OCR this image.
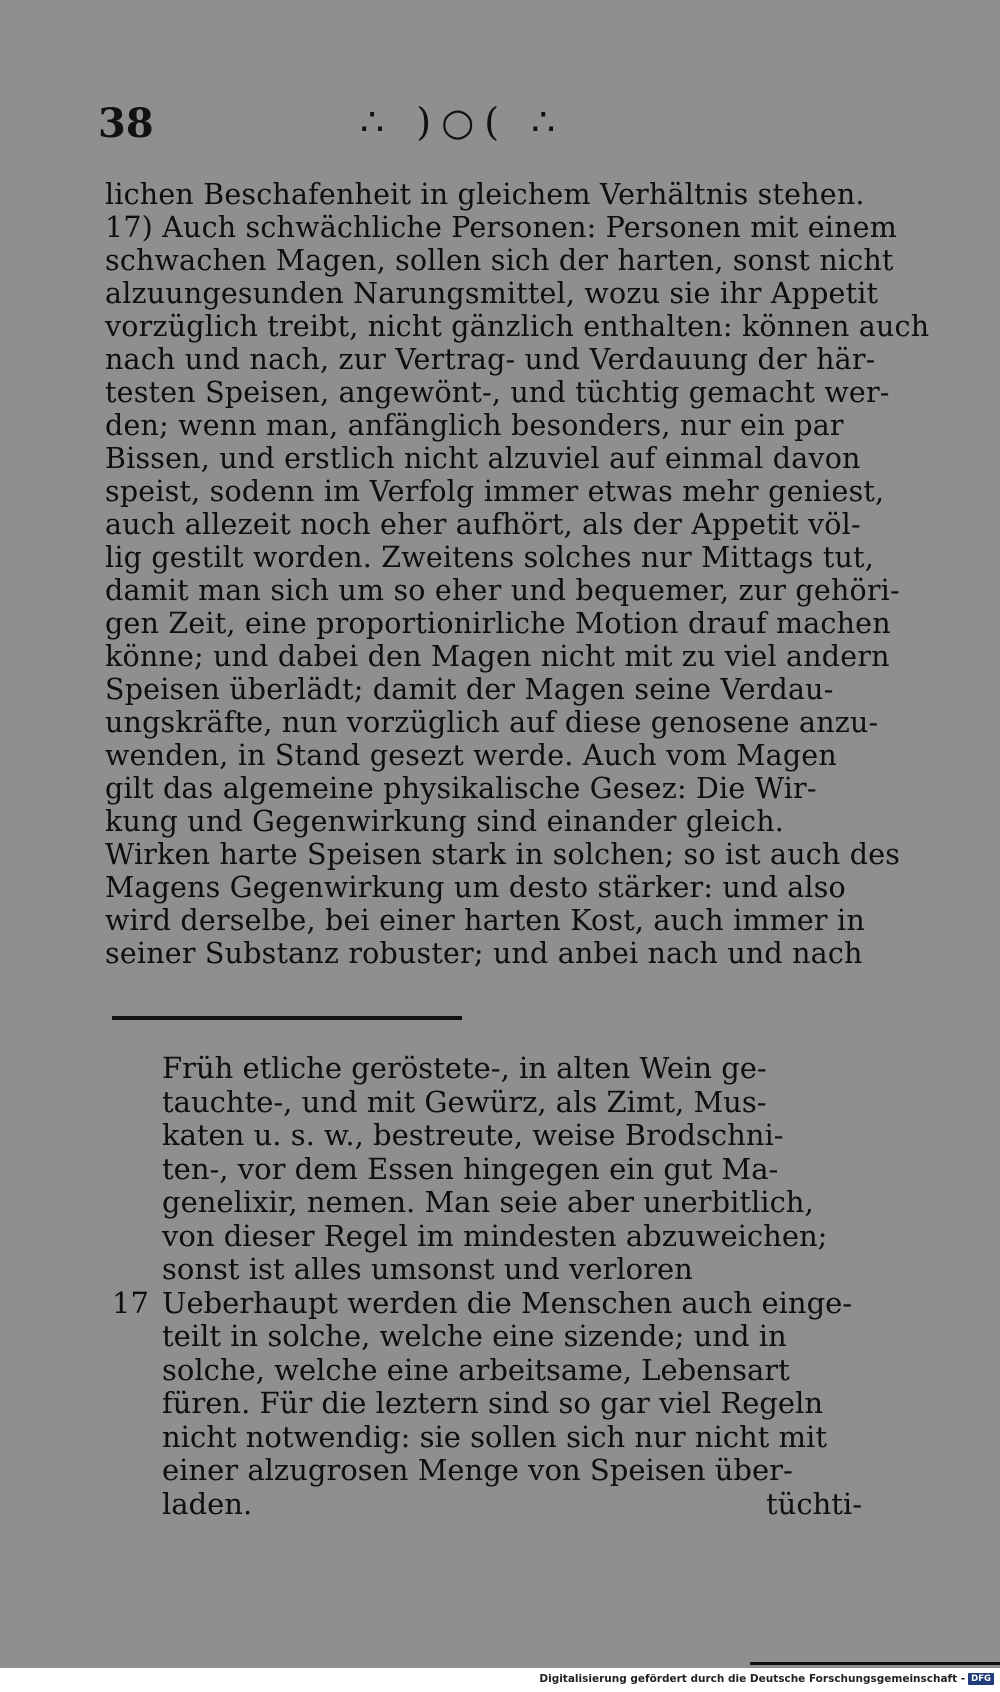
38	∴ )○( ∴
lichen Beschafenheit in gleichem Verhältnis stehen.
17) Auch schwächliche Personen: Personen mit einem
schwachen Magen, sollen sich der harten, sonst nicht
alzuungesunden Narungsmittel, wozu sie ihr Appetit
vorzüglich treibt, nicht gänzlich enthalten: können auch
nach und nach, zur Vertrag- und Verdauung der här-
testen Speisen, angewönt-, und tüchtig gemacht wer-
den; wenn man, anfänglich besonders, nur ein par
Bissen, und erstlich nicht alzuviel auf einmal davon
speist, sodenn im Verfolg immer etwas mehr geniest,
auch allezeit noch eher aufhört, als der Appetit völ-
lig gestilt worden. Zweitens solches nur Mittags tut,
damit man sich um so eher und bequemer, zur gehöri-
gen Zeit, eine proportionirliche Motion drauf machen
könne; und dabei den Magen nicht mit zu viel andern
Speisen überlädt; damit der Magen seine Verdau-
ungskräfte, nun vorzüglich auf diese genosene anzu-
wenden, in Stand gesezt werde. Auch vom Magen
gilt das algemeine physikalische Gesez: Die Wir-
kung und Gegenwirkung sind einander gleich.
Wirken harte Speisen stark in solchen; so ist auch des
Magens Gegenwirkung um desto stärker: und also
wird derselbe, bei einer harten Kost, auch immer in
seiner Substanz robuster; und anbei nach und nach
Früh etliche geröstete-, in alten Wein ge-
tauchte-, und mit Gewürz, als Zimt, Mus-
katen u. s. w., bestreute, weise Brodschni-
ten-, vor dem Essen hingegen ein gut Ma-
genelixir, nemen. Man seie aber unerbitlich,
von dieser Regel im mindesten abzuweichen;
sonst ist alles umsonst und verloren
17 Ueberhaupt werden die Menschen auch einge-
teilt in solche, welche eine sizende; und in
solche, welche eine arbeitsame, Lebensart
füren. Für die leztern sind so gar viel Regeln
nicht notwendig: sie sollen sich nur nicht mit
einer alzugrosen Menge von Speisen über-
laden.	tüchti-
Digitalisierung gefördert durch die Deutsche Forschungsgemeinschaft - DFG
